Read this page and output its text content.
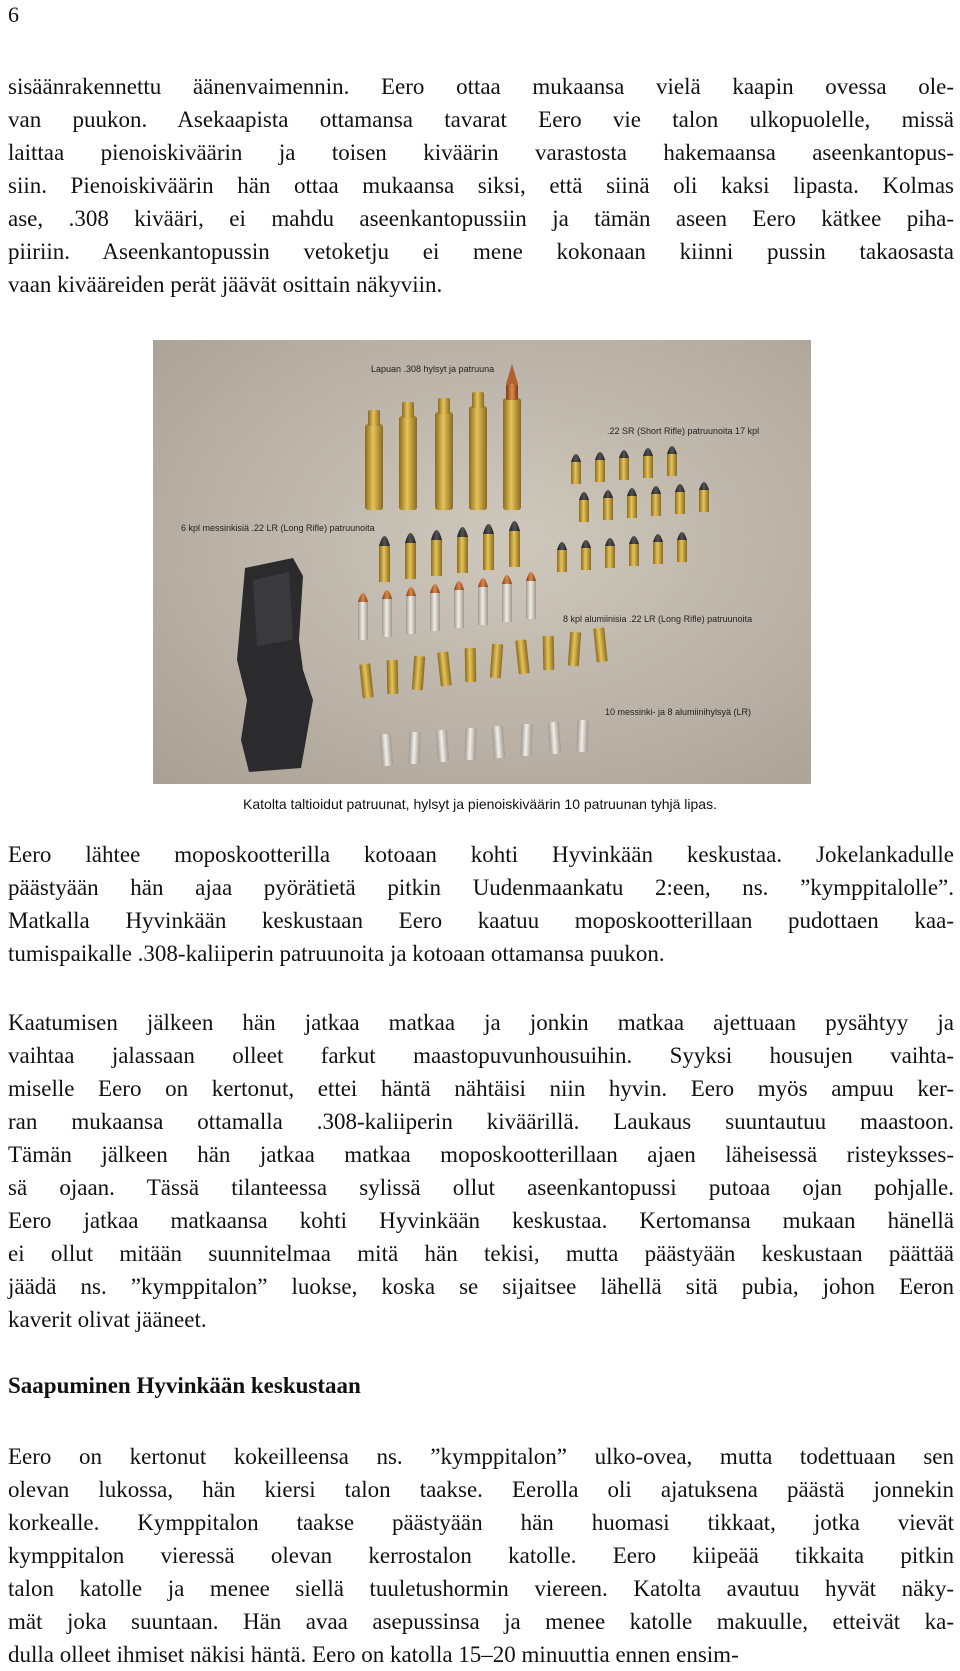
6
sisäänrakennettu äänenvaimennin. Eero ottaa mukaansa vielä kaapin ovessa ole-
van puukon. Asekaapista ottamansa tavarat Eero vie talon ulkopuolelle, missä
laittaa pienoiskiväärin ja toisen kiväärin varastosta hakemaansa aseenkantopus-
siin. Pienoiskiväärin hän ottaa mukaansa siksi, että siinä oli kaksi lipasta. Kolmas
ase, .308 kivääri, ei mahdu aseenkantopussiin ja tämän aseen Eero kätkee piha-
piiriin. Aseenkantopussin vetoketju ei mene kokonaan kiinni pussin takaosasta
vaan kivääreiden perät jäävät osittain näkyviin.
Lapuan .308 hylsyt ja patruuna
.22 SR (Short Rifle) patruunoita 17 kpl
6 kpl messinkisiä .22 LR (Long Rifle) patruunoita
8 kpl alumiinisia .22 LR (Long Rifle) patruunoita
10 messinki- ja 8 alumiinihylsyä (LR)
Katolta taltioidut patruunat, hylsyt ja pienoiskiväärin 10 patruunan tyhjä lipas.
Eero lähtee moposkootterilla kotoaan kohti Hyvinkään keskustaa. Jokelankadulle
päästyään hän ajaa pyörätietä pitkin Uudenmaankatu 2:een, ns. ”kymppitalolle”.
Matkalla Hyvinkään keskustaan Eero kaatuu moposkootterillaan pudottaen kaa-
tumispaikalle .308-kaliiperin patruunoita ja kotoaan ottamansa puukon.
Kaatumisen jälkeen hän jatkaa matkaa ja jonkin matkaa ajettuaan pysähtyy ja
vaihtaa jalassaan olleet farkut maastopuvunhousuihin. Syyksi housujen vaihta-
miselle Eero on kertonut, ettei häntä nähtäisi niin hyvin. Eero myös ampuu ker-
ran mukaansa ottamalla .308-kaliiperin kiväärillä. Laukaus suuntautuu maastoon.
Tämän jälkeen hän jatkaa matkaa moposkootterillaan ajaen läheisessä risteyksses-
sä ojaan. Tässä tilanteessa sylissä ollut aseenkantopussi putoaa ojan pohjalle.
Eero jatkaa matkaansa kohti Hyvinkään keskustaa. Kertomansa mukaan hänellä
ei ollut mitään suunnitelmaa mitä hän tekisi, mutta päästyään keskustaan päättää
jäädä ns. ”kymppitalon” luokse, koska se sijaitsee lähellä sitä pubia, johon Eeron
kaverit olivat jääneet.
Saapuminen Hyvinkään keskustaan
Eero on kertonut kokeilleensa ns. ”kymppitalon” ulko-ovea, mutta todettuaan sen
olevan lukossa, hän kiersi talon taakse. Eerolla oli ajatuksena päästä jonnekin
korkealle. Kymppitalon taakse päästyään hän huomasi tikkaat, jotka vievät
kymppitalon vieressä olevan kerrostalon katolle. Eero kiipeää tikkaita pitkin
talon katolle ja menee siellä tuuletushormin viereen. Katolta avautuu hyvät näky-
mät joka suuntaan. Hän avaa asepussinsa ja menee katolle makuulle, etteivät ka-
dulla olleet ihmiset näkisi häntä. Eero on katolla 15–20 minuuttia ennen ensim-
